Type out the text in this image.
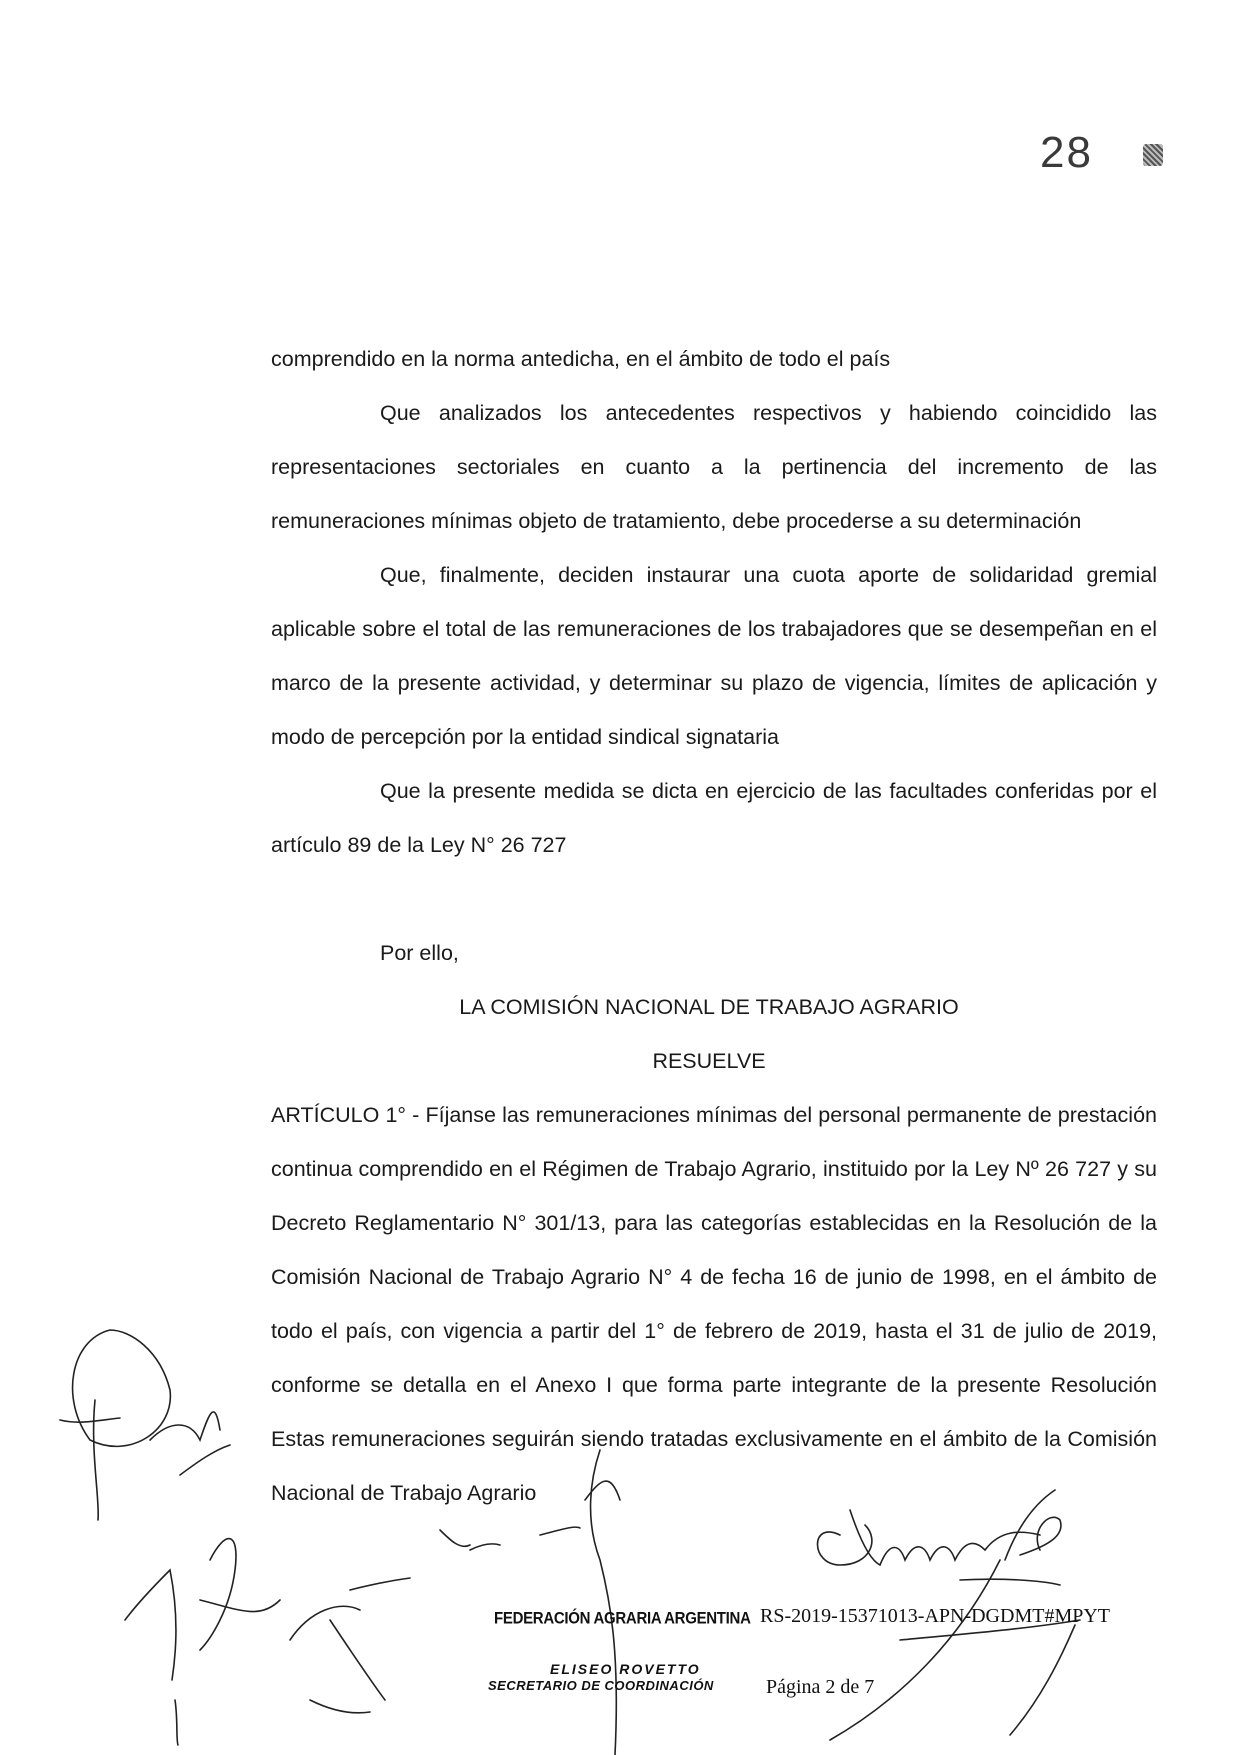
28

comprendido en la norma antedicha, en el ámbito de todo el país

Que analizados los antecedentes respectivos y habiendo coincidido las representaciones sectoriales en cuanto a la pertinencia del incremento de las remuneraciones mínimas objeto de tratamiento, debe procederse a su determinación

Que, finalmente, deciden instaurar una cuota aporte de solidaridad gremial aplicable sobre el total de las remuneraciones de los trabajadores que se desempeñan en el marco de la presente actividad, y determinar su plazo de vigencia, límites de aplicación y modo de percepción por la entidad sindical signataria

Que la presente medida se dicta en ejercicio de las facultades conferidas por el artículo 89 de la Ley N° 26 727

Por ello,

LA COMISIÓN NACIONAL DE TRABAJO AGRARIO

RESUELVE

ARTÍCULO 1° - Fíjanse las remuneraciones mínimas del personal permanente de prestación continua comprendido en el Régimen de Trabajo Agrario, instituido por la Ley Nº 26 727 y su Decreto Reglamentario N° 301/13, para las categorías establecidas en la Resolución de la Comisión Nacional de Trabajo Agrario N° 4 de fecha 16 de junio de 1998, en el ámbito de todo el país, con vigencia a partir del 1° de febrero de 2019, hasta el 31 de julio de 2019, conforme se detalla en el Anexo I que forma parte integrante de la presente Resolución Estas remuneraciones seguirán siendo tratadas exclusivamente en el ámbito de la Comisión Nacional de Trabajo Agrario

FEDERACIÓN AGRARIA ARGENTINA RS-2019-15371013-APN-DGDMT#MPYT
ELISEO ROVETTO
SECRETARIO DE COORDINACIÓN	Página 2 de 7
